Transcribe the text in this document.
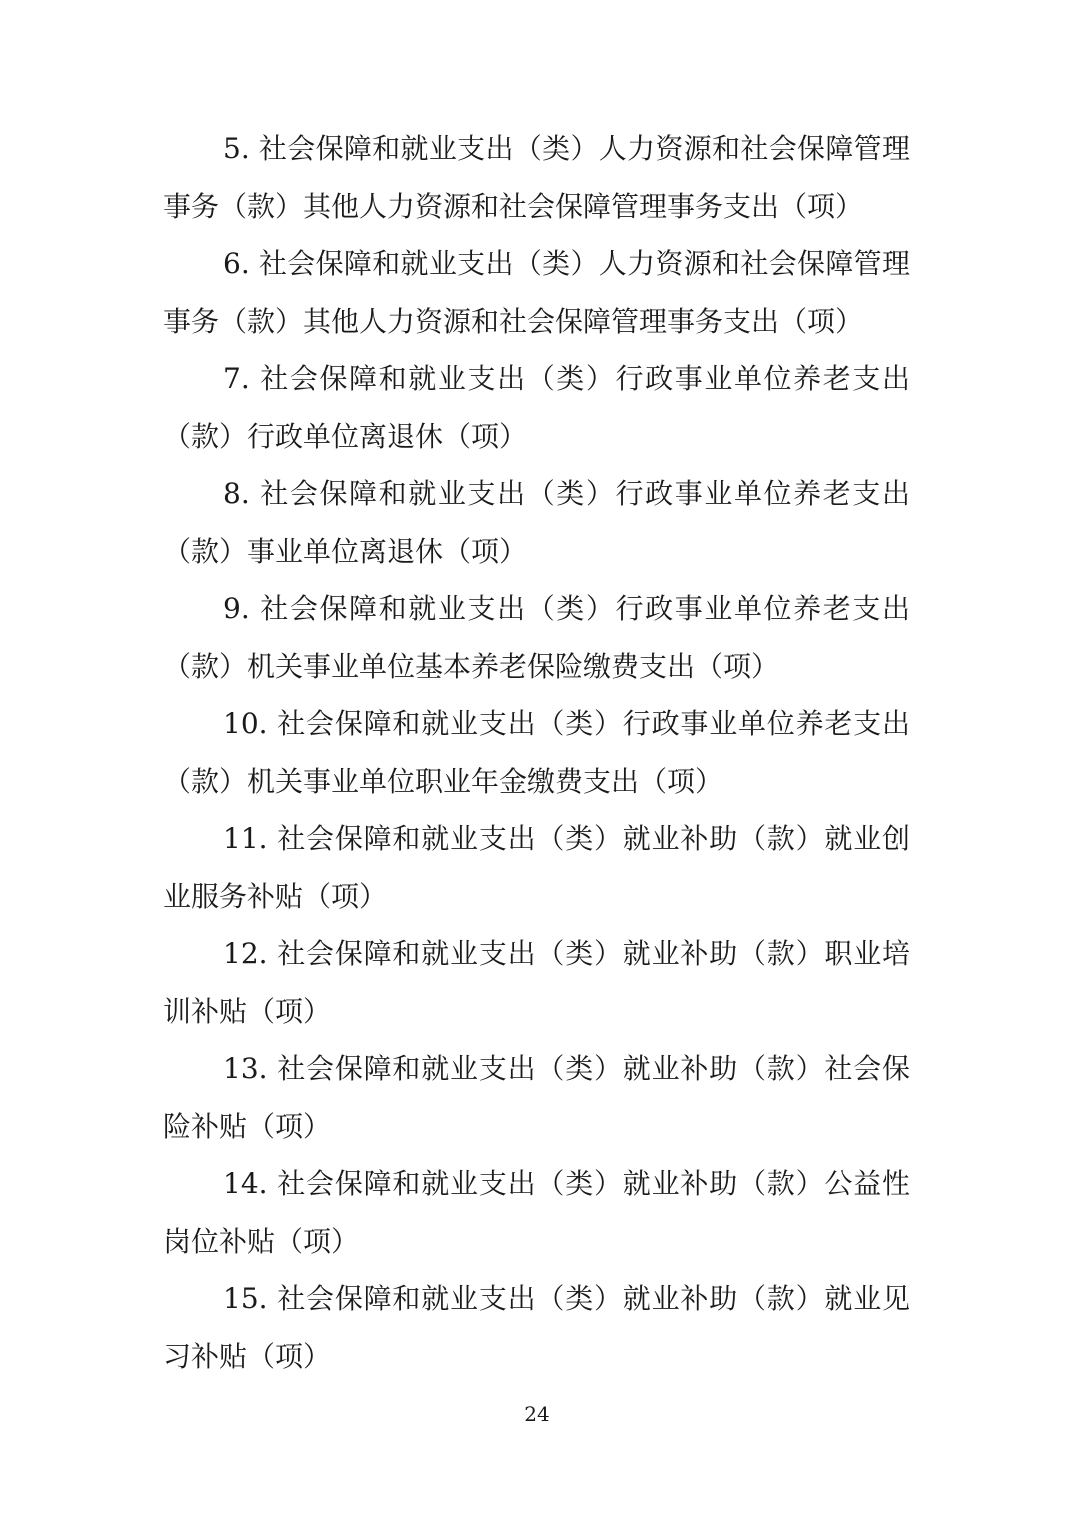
5. 社会保障和就业支出（类）人力资源和社会保障管理事务（款）其他人力资源和社会保障管理事务支出（项）

6. 社会保障和就业支出（类）人力资源和社会保障管理事务（款）其他人力资源和社会保障管理事务支出（项）

7. 社会保障和就业支出（类）行政事业单位养老支出（款）行政单位离退休（项）

8. 社会保障和就业支出（类）行政事业单位养老支出（款）事业单位离退休（项）

9. 社会保障和就业支出（类）行政事业单位养老支出（款）机关事业单位基本养老保险缴费支出（项）

10. 社会保障和就业支出（类）行政事业单位养老支出（款）机关事业单位职业年金缴费支出（项）

11. 社会保障和就业支出（类）就业补助（款）就业创业服务补贴（项）

12. 社会保障和就业支出（类）就业补助（款）职业培训补贴（项）

13. 社会保障和就业支出（类）就业补助（款）社会保险补贴（项）

14. 社会保障和就业支出（类）就业补助（款）公益性岗位补贴（项）

15. 社会保障和就业支出（类）就业补助（款）就业见习补贴（项）

24
